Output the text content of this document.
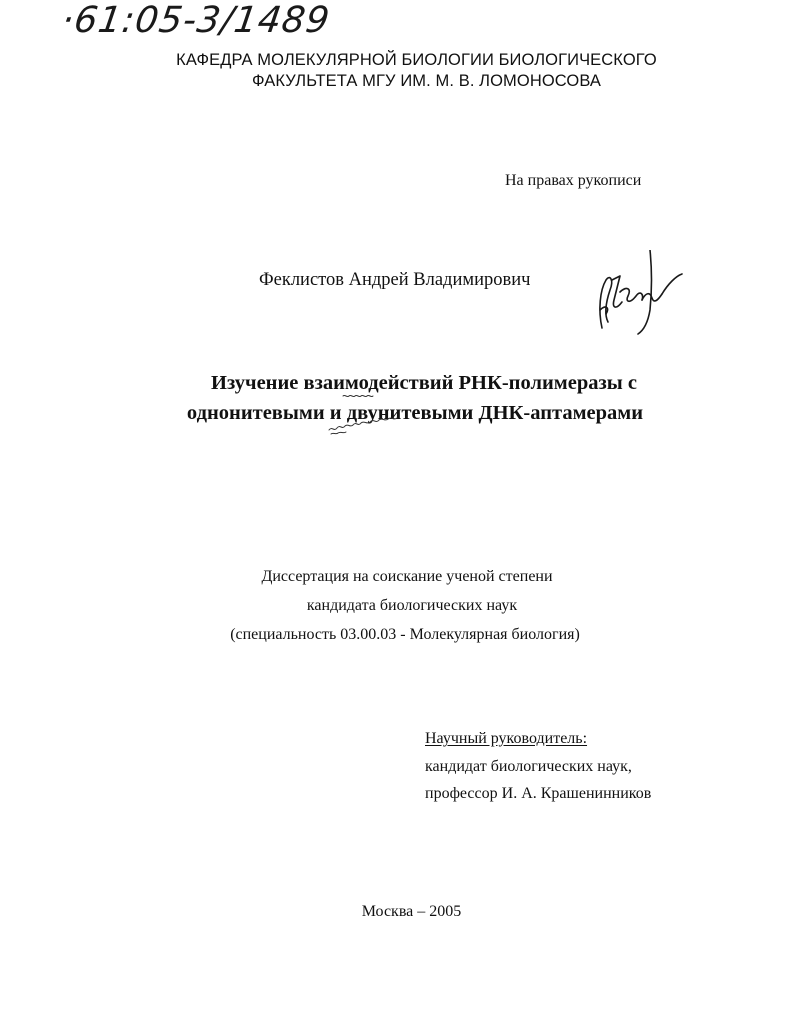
·61:05-3/1489
КАФЕДРА МОЛЕКУЛЯРНОЙ БИОЛОГИИ БИОЛОГИЧЕСКОГО
ФАКУЛЬТЕТА МГУ ИМ. М. В. ЛОМОНОСОВА
На правах рукописи
Феклистов Андрей Владимирович
Изучение взаимодействий РНК-полимеразы с
однонитевыми и двунитевыми ДНК-аптамерами
Диссертация на соискание ученой степени
кандидата биологических наук
(специальность 03.00.03 - Молекулярная биология)
Научный руководитель:
кандидат биологических наук,
профессор И. А. Крашенинников
Москва – 2005
